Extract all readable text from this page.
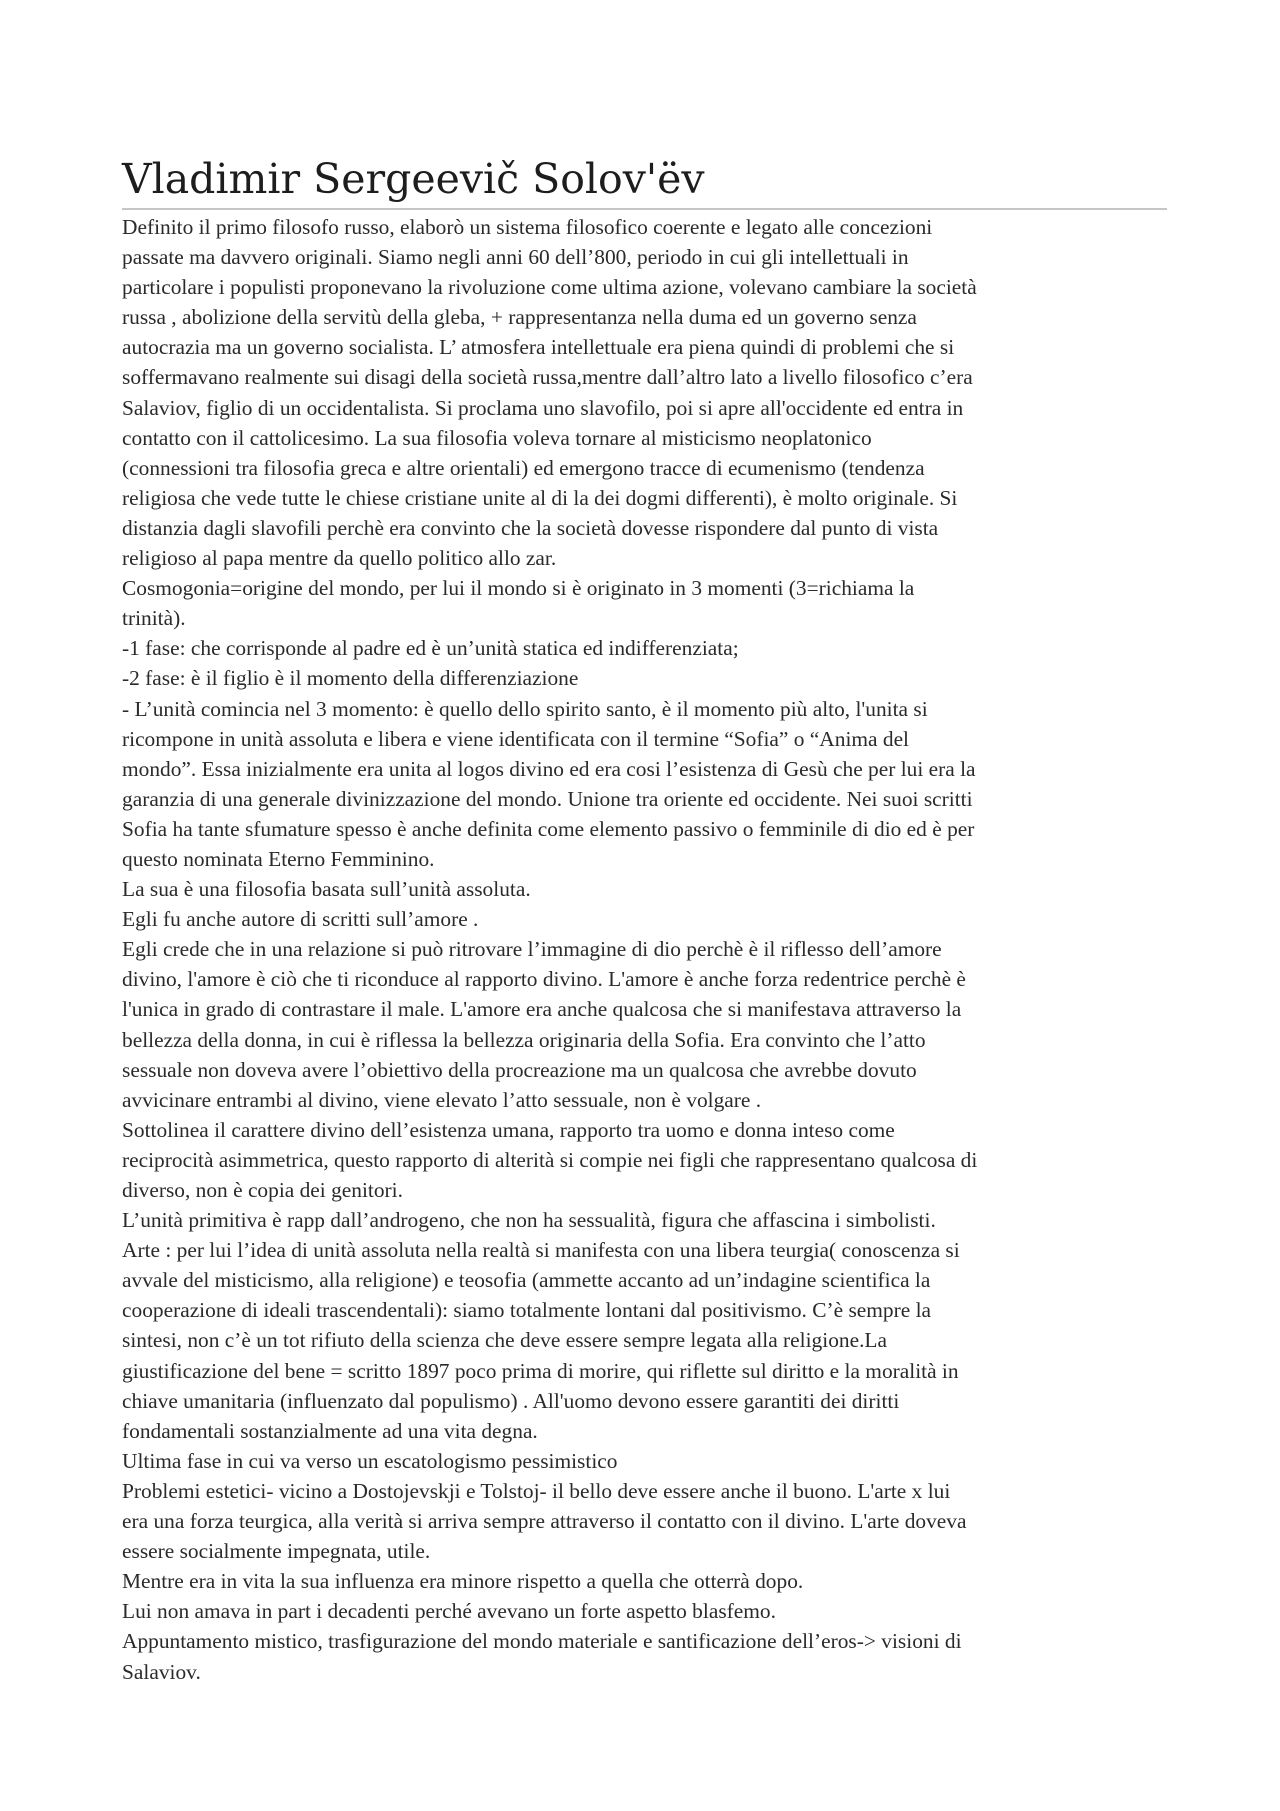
Vladimir Sergeevič Solov'ëv
Definito il primo filosofo russo, elaborò un sistema filosofico coerente e legato alle concezioni
passate ma davvero originali. Siamo negli anni 60 dell’800, periodo in cui gli intellettuali in
particolare i populisti proponevano la rivoluzione come ultima azione, volevano cambiare la società
russa , abolizione della servitù della gleba, + rappresentanza nella duma ed un governo senza
autocrazia ma un governo socialista. L’ atmosfera intellettuale era piena quindi di problemi che si
soffermavano realmente sui disagi della società russa,mentre dall’altro lato a livello filosofico c’era
Salaviov, figlio di un occidentalista. Si proclama uno slavofilo, poi si apre all'occidente ed entra in
contatto con il cattolicesimo. La sua filosofia voleva tornare al misticismo neoplatonico
(connessioni tra filosofia greca e altre orientali) ed emergono tracce di ecumenismo (tendenza
religiosa che vede tutte le chiese cristiane unite al di la dei dogmi differenti), è molto originale. Si
distanzia dagli slavofili perchè era convinto che la società dovesse rispondere dal punto di vista
religioso al papa mentre da quello politico allo zar.
Cosmogonia=origine del mondo, per lui il mondo si è originato in 3 momenti (3=richiama la
trinità).
-1 fase: che corrisponde al padre ed è un’unità statica ed indifferenziata;
-2 fase: è il figlio è il momento della differenziazione
- L’unità comincia nel 3 momento: è quello dello spirito santo, è il momento più alto, l'unita si
ricompone in unità assoluta e libera e viene identificata con il termine “Sofia” o “Anima del
mondo”. Essa inizialmente era unita al logos divino ed era cosi l’esistenza di Gesù che per lui era la
garanzia di una generale divinizzazione del mondo. Unione tra oriente ed occidente. Nei suoi scritti
Sofia ha tante sfumature spesso è anche definita come elemento passivo o femminile di dio ed è per
questo nominata Eterno Femminino.
La sua è una filosofia basata sull’unità assoluta.
Egli fu anche autore di scritti sull’amore .
Egli crede che in una relazione si può ritrovare l’immagine di dio perchè è il riflesso dell’amore
divino, l'amore è ciò che ti riconduce al rapporto divino. L'amore è anche forza redentrice perchè è
l'unica in grado di contrastare il male. L'amore era anche qualcosa che si manifestava attraverso la
bellezza della donna, in cui è riflessa la bellezza originaria della Sofia. Era convinto che l’atto
sessuale non doveva avere l’obiettivo della procreazione ma un qualcosa che avrebbe dovuto
avvicinare entrambi al divino, viene elevato l’atto sessuale, non è volgare .
Sottolinea il carattere divino dell’esistenza umana, rapporto tra uomo e donna inteso come
reciprocità asimmetrica, questo rapporto di alterità si compie nei figli che rappresentano qualcosa di
diverso, non è copia dei genitori.
L’unità primitiva è rapp dall’androgeno, che non ha sessualità, figura che affascina i simbolisti.
Arte : per lui l’idea di unità assoluta nella realtà si manifesta con una libera teurgia( conoscenza si
avvale del misticismo, alla religione) e teosofia (ammette accanto ad un’indagine scientifica la
cooperazione di ideali trascendentali): siamo totalmente lontani dal positivismo. C’è sempre la
sintesi, non c’è un tot rifiuto della scienza che deve essere sempre legata alla religione.La
giustificazione del bene = scritto 1897 poco prima di morire, qui riflette sul diritto e la moralità in
chiave umanitaria (influenzato dal populismo) . All'uomo devono essere garantiti dei diritti
fondamentali sostanzialmente ad una vita degna.
Ultima fase in cui va verso un escatologismo pessimistico
Problemi estetici- vicino a Dostojevskji e Tolstoj- il bello deve essere anche il buono. L'arte x lui
era una forza teurgica, alla verità si arriva sempre attraverso il contatto con il divino. L'arte doveva
essere socialmente impegnata, utile.
Mentre era in vita la sua influenza era minore rispetto a quella che otterrà dopo.
Lui non amava in part i decadenti perché avevano un forte aspetto blasfemo.
Appuntamento mistico, trasfigurazione del mondo materiale e santificazione dell’eros-> visioni di
Salaviov.
